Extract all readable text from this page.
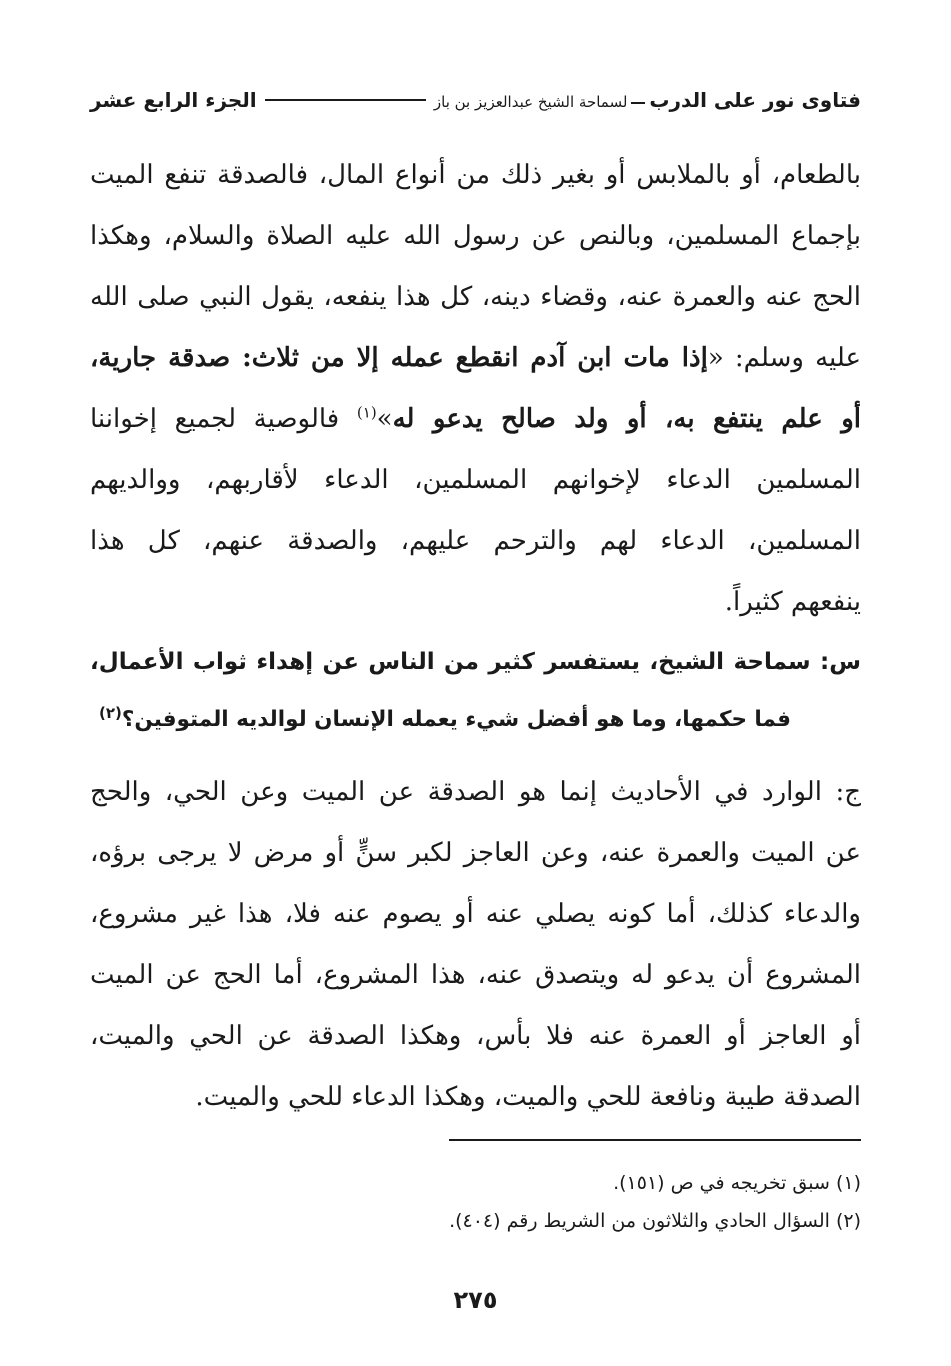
فتاوى نور على الدربلسماحة الشيخ عبدالعزيز بن باز
الجزء الرابع عشر
بالطعام، أو بالملابس أو بغير ذلك من أنواع المال، فالصدقة تنفع الميت
بإجماع المسلمين، وبالنص عن رسول الله عليه الصلاة والسلام، وهكذا
الحج عنه والعمرة عنه، وقضاء دينه، كل هذا ينفعه، يقول النبي صلى الله
عليه وسلم: «إذا مات ابن آدم انقطع عمله إلا من ثلاث: صدقة جارية،
أو علم ينتفع به، أو ولد صالح يدعو له»$^{(١)}$ فالوصية لجميع إخواننا
المسلمين الدعاء لإخوانهم المسلمين، الدعاء لأقاربهم، ووالديهم
المسلمين، الدعاء لهم والترحم عليهم، والصدقة عنهم، كل هذا
ينفعهم كثيراً.
س: سماحة الشيخ، يستفسر كثير من الناس عن إهداء ثواب الأعمال،
فما حكمها، وما هو أفضل شيء يعمله الإنسان لوالديه المتوفين؟$^{(٢)}$
ج: الوارد في الأحاديث إنما هو الصدقة عن الميت وعن الحي، والحج
عن الميت والعمرة عنه، وعن العاجز لكبر سنٍّ أو مرض لا يرجى برؤه،
والدعاء كذلك، أما كونه يصلي عنه أو يصوم عنه فلا، هذا غير مشروع،
المشروع أن يدعو له ويتصدق عنه، هذا المشروع، أما الحج عن الميت
أو العاجز أو العمرة عنه فلا بأس، وهكذا الصدقة عن الحي والميت،
الصدقة طيبة ونافعة للحي والميت، وهكذا الدعاء للحي والميت.
(١) سبق تخريجه في ص (١٥١).
(٢) السؤال الحادي والثلاثون من الشريط رقم (٤٠٤).
٢٧٥
